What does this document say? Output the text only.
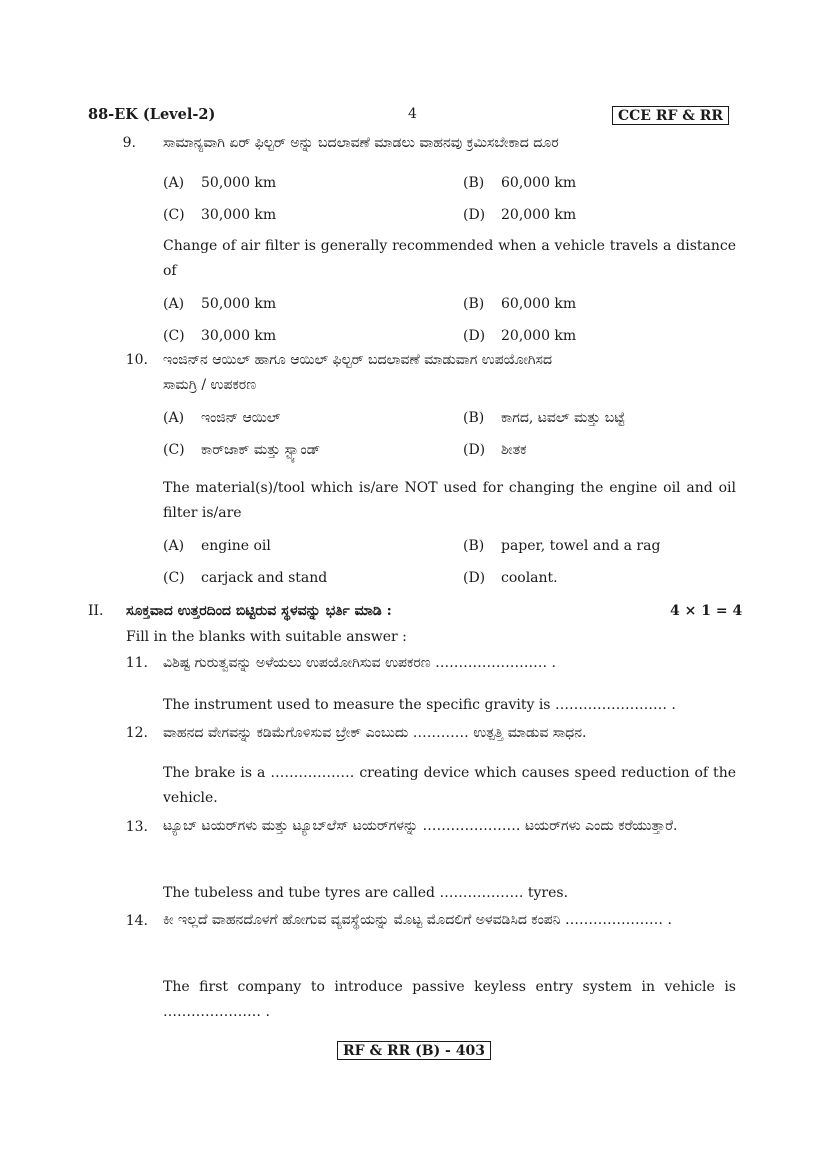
88-EK (Level-2)	4	CCE RF & RR
9. ಸಾಮಾನ್ಯವಾಗಿ ಏರ್ ಫಿಲ್ಟರ್ ಅನ್ನು ಬದಲಾವಣೆ ಮಾಡಲು ವಾಹನವು ಕ್ರಮಿಸಬೇಕಾದ ದೂರ
(A) 50,000 km	(B) 60,000 km
(C) 30,000 km	(D) 20,000 km
Change of air filter is generally recommended when a vehicle travels a distance of
(A) 50,000 km	(B) 60,000 km
(C) 30,000 km	(D) 20,000 km
10. ಇಂಜಿನ್‌ನ ಆಯಿಲ್ ಹಾಗೂ ಆಯಿಲ್ ಫಿಲ್ಟರ್ ಬದಲಾವಣೆ ಮಾಡುವಾಗ ಉಪಯೋಗಿಸದ
ಸಾಮಗ್ರಿ / ಉಪಕರಣ
(A) ಇಂಜಿನ್ ಆಯಿಲ್	(B) ಕಾಗದ, ಟವಲ್ ಮತ್ತು ಬಟ್ಟೆ
(C) ಕಾರ್‌ಜಾಕ್ ಮತ್ತು ಸ್ಟ್ಯಾಂಡ್	(D) ಶೀತಕ
The material(s)/tool which is/are NOT used for changing the engine oil and oil filter is/are
(A) engine oil	(B) paper, towel and a rag
(C) carjack and stand	(D) coolant.
II. ಸೂಕ್ತವಾದ ಉತ್ತರದಿಂದ ಬಿಟ್ಟಿರುವ ಸ್ಥಳವನ್ನು ಭರ್ತಿ ಮಾಡಿ :	4 × 1 = 4
Fill in the blanks with suitable answer :
11. ವಿಶಿಷ್ಟ ಗುರುತ್ವವನ್ನು ಅಳೆಯಲು ಉಪಯೋಗಿಸುವ ಉಪಕರಣ …………………… .
The instrument used to measure the specific gravity is …………………… .
12. ವಾಹನದ ವೇಗವನ್ನು ಕಡಿಮೆಗೊಳಿಸುವ ಬ್ರೇಕ್ ಎಂಬುದು ………… ಉತ್ಪತ್ತಿ ಮಾಡುವ ಸಾಧನ.
The brake is a ……………… creating device which causes speed reduction of the vehicle.
13. ಟ್ಯೂಬ್ ಟಯರ್‌ಗಳು ಮತ್ತು ಟ್ಯೂಬ್‌ಲೆಸ್ ಟಯರ್‌ಗಳನ್ನು ………………… ಟಯರ್‌ಗಳು ಎಂದು ಕರೆಯುತ್ತಾರೆ.
The tubeless and tube tyres are called ……………… tyres.
14. ಕೀ ಇಲ್ಲದೆ ವಾಹನದೊಳಗೆ ಹೋಗುವ ವ್ಯವಸ್ಥೆಯನ್ನು ಮೊಟ್ಟ ಮೊದಲಿಗೆ ಅಳವಡಿಸಿದ ಕಂಪನಿ ………………… .
The first company to introduce passive keyless entry system in vehicle is ………………… .
RF & RR (B) - 403
